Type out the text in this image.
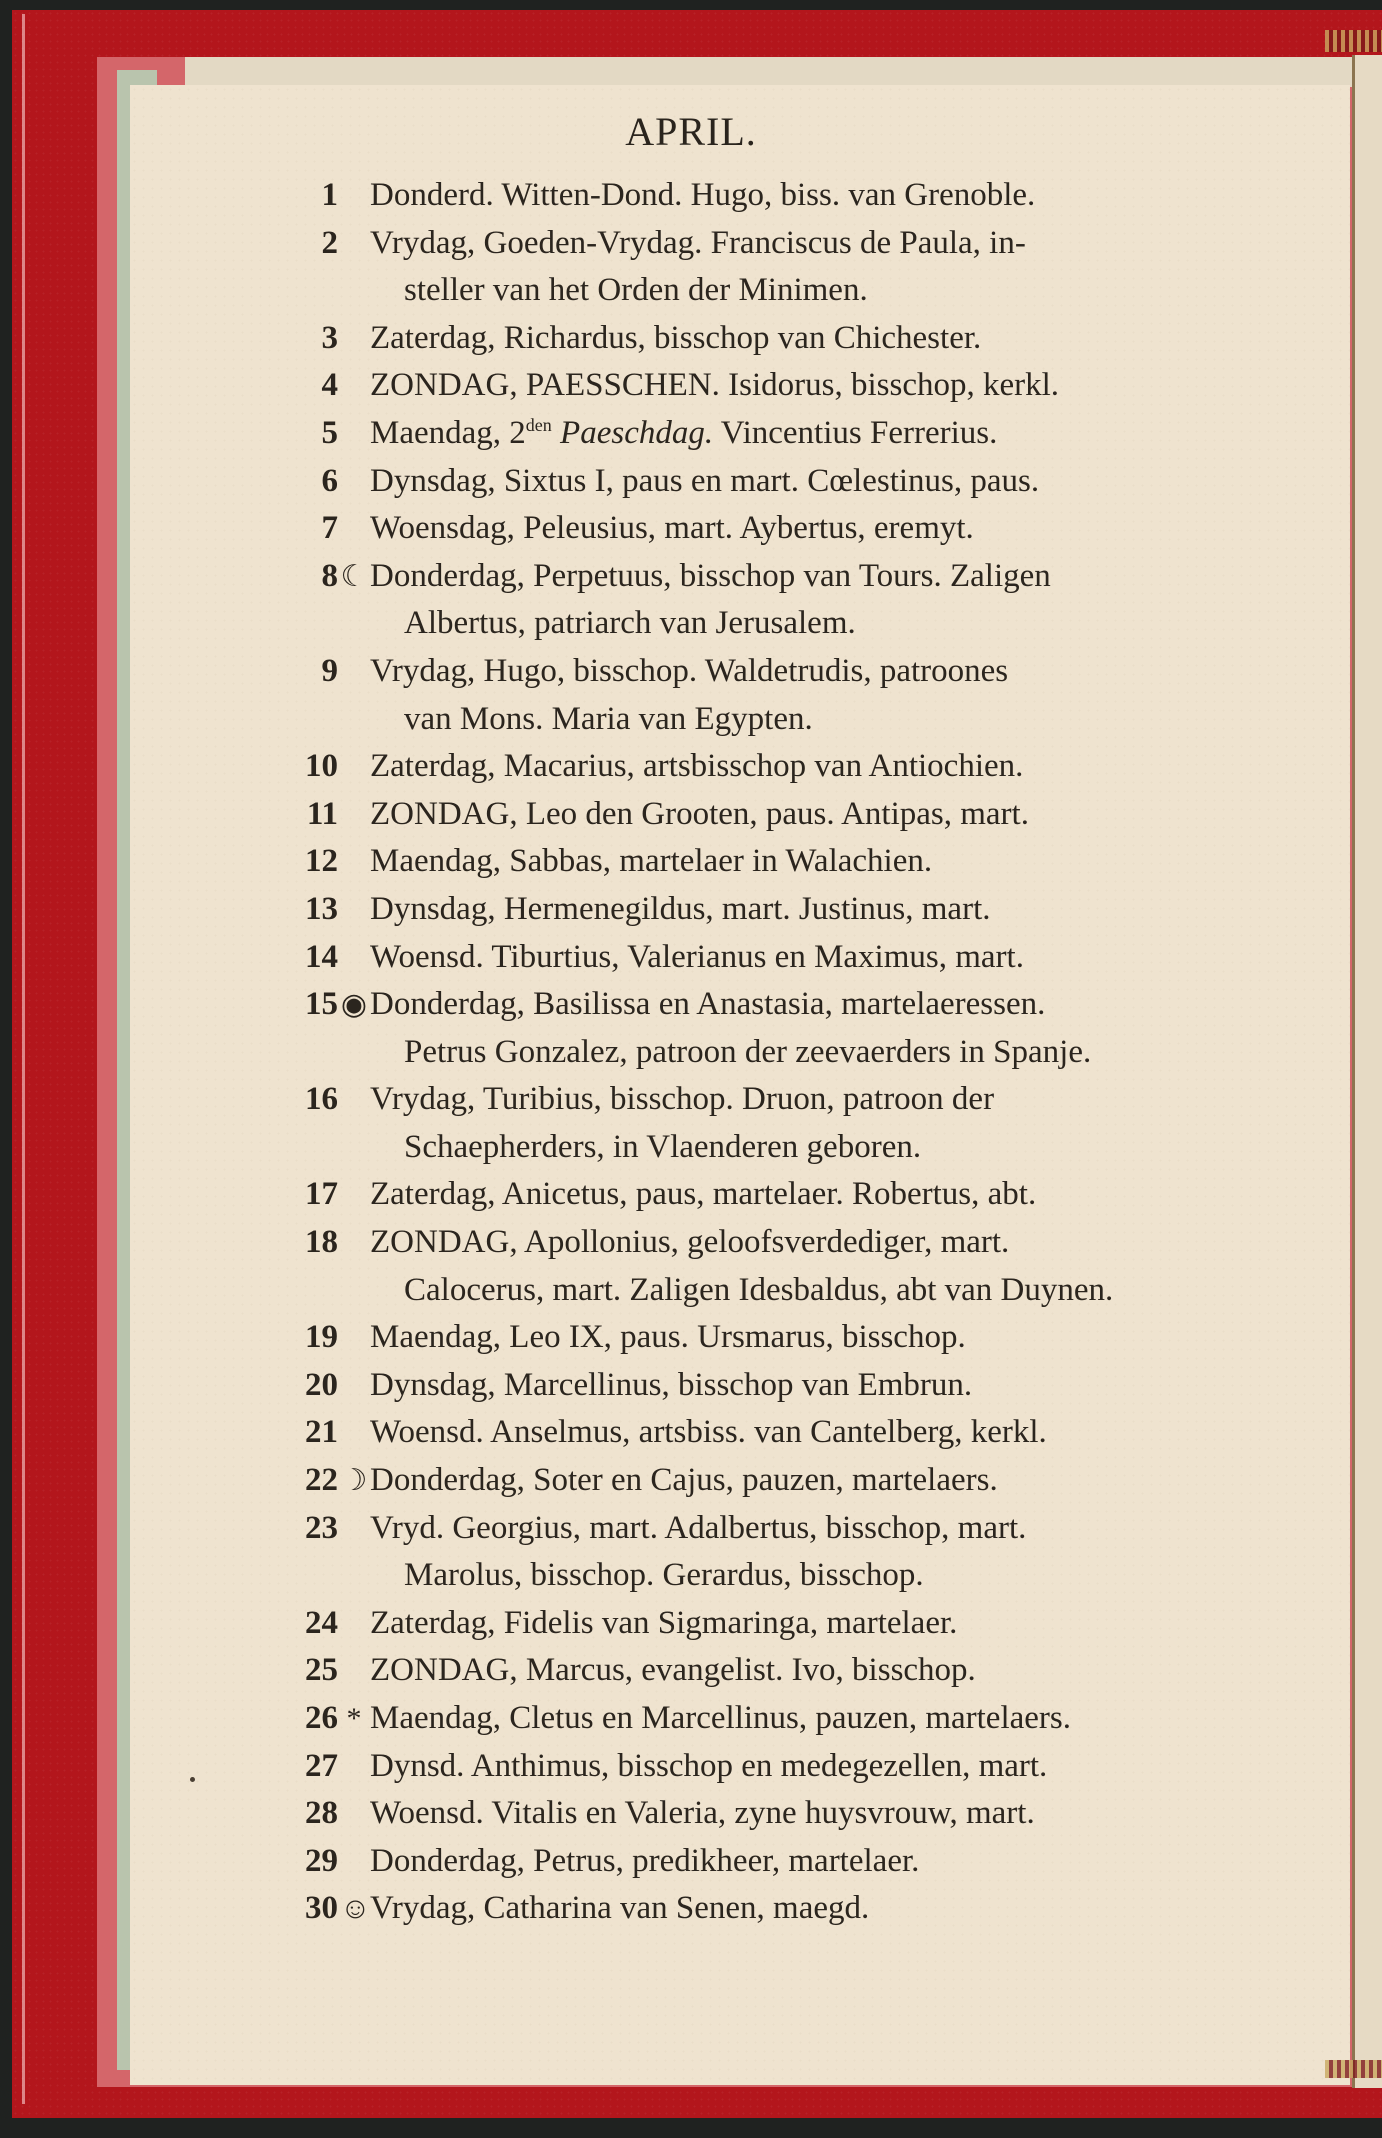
APRIL.
1 Donderd. Witten-Dond. Hugo, biss. van Grenoble.
2 Vrydag, Goeden-Vrydag. Franciscus de Paula, in-
steller van het Orden der Minimen.
3 Zaterdag, Richardus, bisschop van Chichester.
4 ZONDAG, PAESSCHEN. Isidorus, bisschop, kerkl.
5 Maendag, $2^{den}$ Paeschdag. Vincentius Ferrerius.
6 Dynsdag, Sixtus I, paus en mart. Cœlestinus, paus.
7 Woensdag, Peleusius, mart. Aybertus, eremyt.
8 ☾ Donderdag, Perpetuus, bisschop van Tours. Zaligen
Albertus, patriarch van Jerusalem.
9 Vrydag, Hugo, bisschop. Waldetrudis, patroones
van Mons. Maria van Egypten.
10 Zaterdag, Macarius, artsbisschop van Antiochien.
11 ZONDAG, Leo den Grooten, paus. Antipas, mart.
12 Maendag, Sabbas, martelaer in Walachien.
13 Dynsdag, Hermenegildus, mart. Justinus, mart.
14 Woensd. Tiburtius, Valerianus en Maximus, mart.
15 ◉ Donderdag, Basilissa en Anastasia, martelaeressen.
Petrus Gonzalez, patroon der zeevaerders in Spanje.
16 Vrydag, Turibius, bisschop. Druon, patroon der
Schaepherders, in Vlaenderen geboren.
17 Zaterdag, Anicetus, paus, martelaer. Robertus, abt.
18 ZONDAG, Apollonius, geloofsverdediger, mart.
Calocerus, mart. Zaligen Idesbaldus, abt van Duynen.
19 Maendag, Leo IX, paus. Ursmarus, bisschop.
20 Dynsdag, Marcellinus, bisschop van Embrun.
21 Woensd. Anselmus, artsbiss. van Cantelberg, kerkl.
22 ☽ Donderdag, Soter en Cajus, pauzen, martelaers.
23 Vryd. Georgius, mart. Adalbertus, bisschop, mart.
Marolus, bisschop. Gerardus, bisschop.
24 Zaterdag, Fidelis van Sigmaringa, martelaer.
25 ZONDAG, Marcus, evangelist. Ivo, bisschop.
26 * Maendag, Cletus en Marcellinus, pauzen, martelaers.
27 Dynsd. Anthimus, bisschop en medegezellen, mart.
28 Woensd. Vitalis en Valeria, zyne huysvrouw, mart.
29 Donderdag, Petrus, predikheer, martelaer.
30 ☺ Vrydag, Catharina van Senen, maegd.
